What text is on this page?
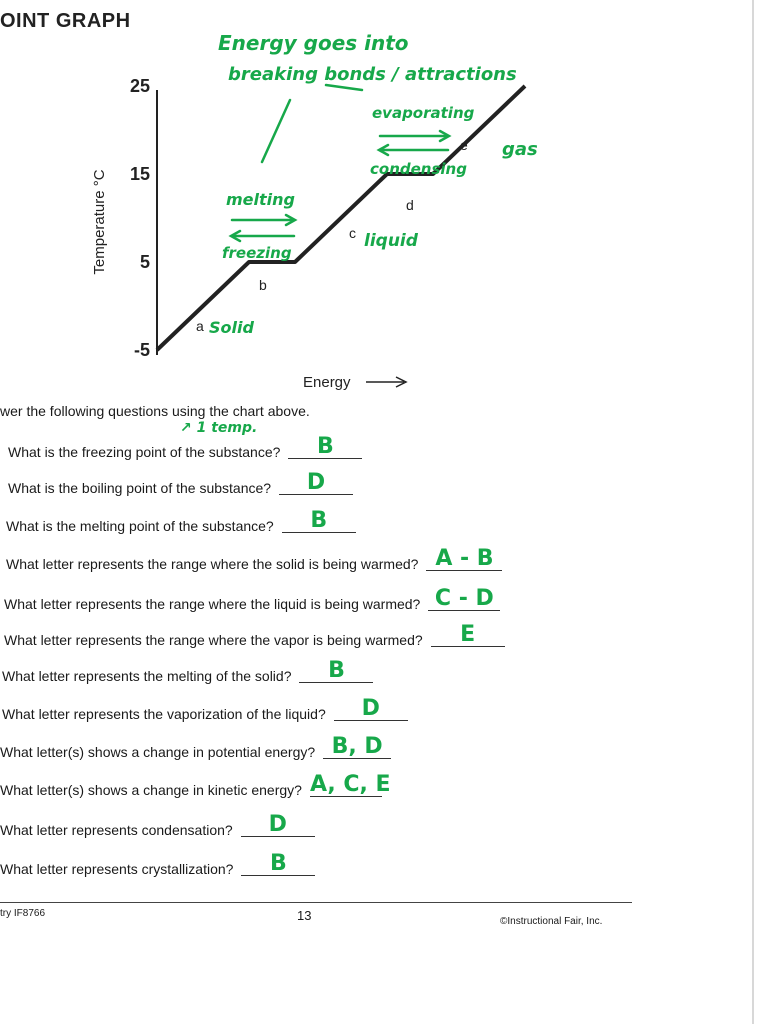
OINT GRAPH
25
15
5
-5
Temperature °C
Energy
a
b
c
d
e
Energy goes into
breaking bonds / attractions
melting
freezing
evaporating
condensing
Solid
liquid
gas
wer the following questions using the chart above.
↗ 1 temp.
What is the freezing point of the substance? B
What is the boiling point of the substance? D
What is the melting point of the substance? B
What letter represents the range where the solid is being warmed? A - B
What letter represents the range where the liquid is being warmed? C - D
What letter represents the range where the vapor is being warmed? E
What letter represents the melting of the solid? B
What letter represents the vaporization of the liquid? D
What letter(s) shows a change in potential energy? B, D
What letter(s) shows a change in kinetic energy? A, C, E
What letter represents condensation? D
What letter represents crystallization? B
try IF8766	13	©Instructional Fair, Inc.
